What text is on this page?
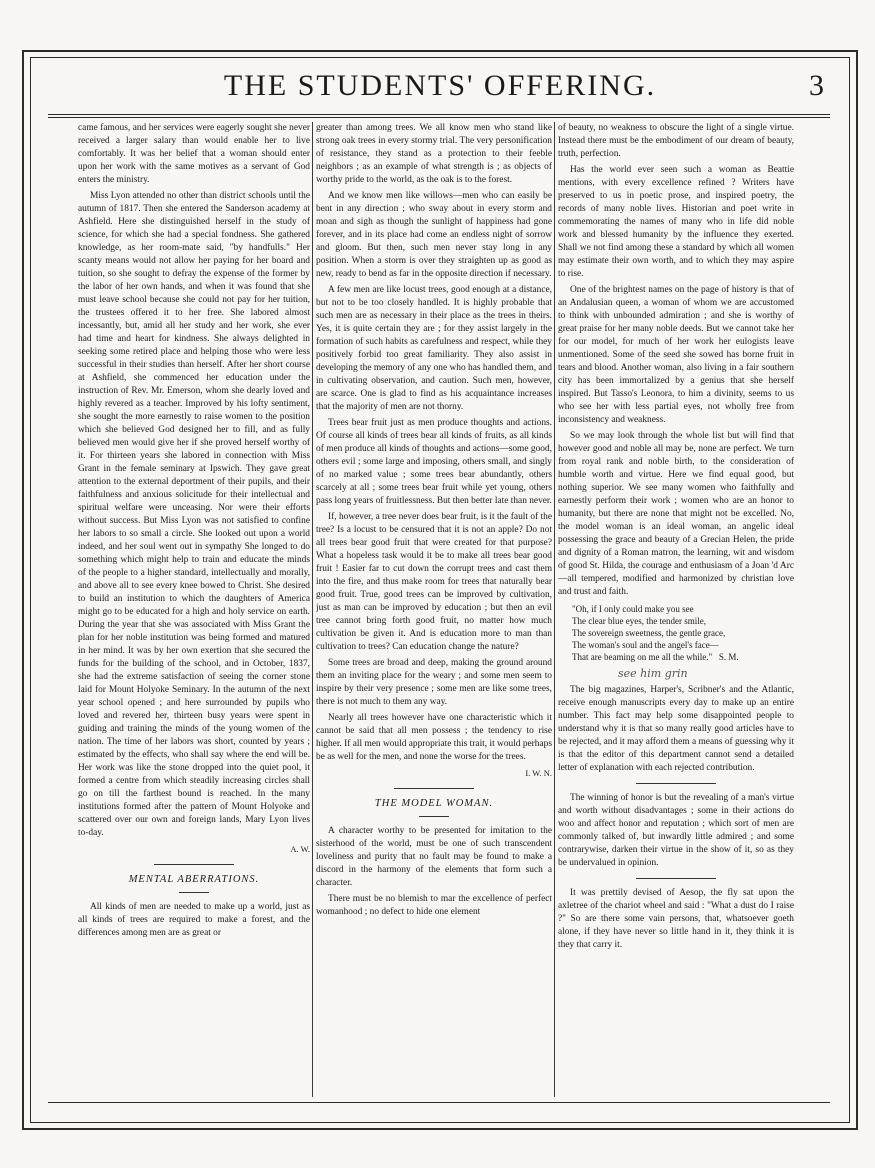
THE STUDENTS' OFFERING.	3

came famous, and her services were eagerly sought she never received a larger salary than would enable her to live comfortably. It was her belief that a woman should enter upon her work with the same motives as a servant of God enters the ministry.

Miss Lyon attended no other than district schools until the autumn of 1817. Then she entered the Sanderson academy at Ashfield. Here she distinguished herself in the study of science, for which she had a special fondness. She gathered knowledge, as her room-mate said, "by handfulls." Her scanty means would not allow her paying for her board and tuition, so she sought to defray the expense of the former by the labor of her own hands, and when it was found that she must leave school because she could not pay for her tuition, the trustees offered it to her free. She labored almost incessantly, but, amid all her study and her work, she ever had time and heart for kindness. She always delighted in seeking some retired place and helping those who were less successful in their studies than herself. After her short course at Ashfield, she commenced her education under the instruction of Rev. Mr. Emerson, whom she dearly loved and highly revered as a teacher. Improved by his lofty sentiment, she sought the more earnestly to raise women to the position which she believed God designed her to fill, and as fully believed men would give her if she proved herself worthy of it. For thirteen years she labored in connection with Miss Grant in the female seminary at Ipswich. They gave great attention to the external deportment of their pupils, and their faithfulness and anxious solicitude for their intellectual and spiritual welfare were unceasing. Nor were their efforts without success. But Miss Lyon was not satisfied to confine her labors to so small a circle. She looked out upon a world indeed, and her soul went out in sympathy She longed to do something which might help to train and educate the minds of the people to a higher standard, intellectually and morally, and above all to see every knee bowed to Christ. She desired to build an institution to which the daughters of America might go to be educated for a high and holy service on earth. During the year that she was associated with Miss Grant the plan for her noble institution was being formed and matured in her mind. It was by her own exertion that she secured the funds for the building of the school, and in October, 1837, she had the extreme satisfaction of seeing the corner stone laid for Mount Holyoke Seminary. In the autumn of the next year school opened ; and here surrounded by pupils who loved and revered her, thirteen busy years were spent in guiding and training the minds of the young women of the nation. The time of her labors was short, counted by years ; estimated by the effects, who shall say where the end will be. Her work was like the stone dropped into the quiet pool, it formed a centre from which steadily increasing circles shall go on till the farthest bound is reached. In the many institutions formed after the pattern of Mount Holyoke and scattered over our own and foreign lands, Mary Lyon lives to-day.

A. W.
MENTAL ABERRATIONS.

All kinds of men are needed to make up a world, just as all kinds of trees are required to make a forest, and the differences among men are as great or

greater than among trees. We all know men who stand like strong oak trees in every stormy trial. The very personification of resistance, they stand as a protection to their feeble neighbors ; as an example of what strength is ; as objects of worthy pride to the world, as the oak is to the forest.

And we know men like willows—men who can easily be bent in any direction ; who sway about in every storm and moan and sigh as though the sunlight of happiness had gone forever, and in its place had come an endless night of sorrow and gloom. But then, such men never stay long in any position. When a storm is over they straighten up as good as new, ready to bend as far in the opposite direction if necessary.

A few men are like locust trees, good enough at a distance, but not to be too closely handled. It is highly probable that such men are as necessary in their place as the trees in theirs. Yes, it is quite certain they are ; for they assist largely in the formation of such habits as carefulness and respect, while they positively forbid too great familiarity. They also assist in developing the memory of any one who has handled them, and in cultivating observation, and caution. Such men, however, are scarce. One is glad to find as his acquaintance increases that the majority of men are not thorny.

Trees bear fruit just as men produce thoughts and actions. Of course all kinds of trees bear all kinds of fruits, as all kinds of men produce all kinds of thoughts and actions—some good, others evil ; some large and imposing, others small, and singly of no marked value ; some trees bear abundantly, others scarcely at all ; some trees bear fruit while yet young, others pass long years of fruitlessness. But then better late than never.

If, however, a tree never does bear fruit, is it the fault of the tree? Is a locust to be censured that it is not an apple? Do not all trees bear good fruit that were created for that purpose? What a hopeless task would it be to make all trees bear good fruit ! Easier far to cut down the corrupt trees and cast them into the fire, and thus make room for trees that naturally bear good fruit. True, good trees can be improved by cultivation, just as man can be improved by education ; but then an evil tree cannot bring forth good fruit, no matter how much cultivation be given it. And is education more to man than cultivation to trees? Can education change the nature?

Some trees are broad and deep, making the ground around them an inviting place for the weary ; and some men seem to inspire by their very presence ; some men are like some trees, there is not much to them any way.

Nearly all trees however have one characteristic which it cannot be said that all men possess ; the tendency to rise higher. If all men would appropriate this trait, it would perhaps be as well for the men, and none the worse for the trees.

I. W. N.
THE MODEL WOMAN.

A character worthy to be presented for imitation to the sisterhood of the world, must be one of such transcendent loveliness and purity that no fault may be found to make a discord in the harmony of the elements that form such a character.

There must be no blemish to mar the excellence of perfect womanhood ; no defect to hide one element

of beauty, no weakness to obscure the light of a single virtue. Instead there must be the embodiment of our dream of beauty, truth, perfection.

Has the world ever seen such a woman as Beattie mentions, with every excellence refined ? Writers have preserved to us in poetic prose, and inspired poetry, the records of many noble lives. Historian and poet write in commemorating the names of many who in life did noble work and blessed humanity by the influence they exerted. Shall we not find among these a standard by which all women may estimate their own worth, and to which they may aspire to rise.

One of the brightest names on the page of history is that of an Andalusian queen, a woman of whom we are accustomed to think with unbounded admiration ; and she is worthy of great praise for her many noble deeds. But we cannot take her for our model, for much of her work her eulogists leave unmentioned. Some of the seed she sowed has borne fruit in tears and blood. Another woman, also living in a fair southern city has been immortalized by a genius that she herself inspired. But Tasso's Leonora, to him a divinity, seems to us who see her with less partial eyes, not wholly free from inconsistency and weakness.

So we may look through the whole list but will find that however good and noble all may be, none are perfect. We turn from royal rank and noble birth, to the consideration of humble worth and virtue. Here we find equal good, but nothing superior. We see many women who faithfully and earnestly perform their work ; women who are an honor to humanity, but there are none that might not be excelled. No, the model woman is an ideal woman, an angelic ideal possessing the grace and beauty of a Grecian Helen, the pride and dignity of a Roman matron, the learning, wit and wisdom of good St. Hilda, the courage and enthusiasm of a Joan 'd Arc—all tempered, modified and harmonized by christian love and trust and faith.

"Oh, if I only could make you see
The clear blue eyes, the tender smile,
The sovereign sweetness, the gentle grace,
The woman's soul and the angel's face—
That are beaming on me all the while." S. M.
see him grin

The big magazines, Harper's, Scribner's and the Atlantic, receive enough manuscripts every day to make up an entire number. This fact may help some disappointed people to understand why it is that so many really good articles have to be rejected, and it may afford them a means of guessing why it is that the editor of this department cannot send a detailed letter of explanation with each rejected contribution.

The winning of honor is but the revealing of a man's virtue and worth without disadvantages ; some in their actions do woo and affect honor and reputation ; which sort of men are commonly talked of, but inwardly little admired ; and some contrarywise, darken their virtue in the show of it, so as they be undervalued in opinion.

It was prettily devised of Aesop, the fly sat upon the axletree of the chariot wheel and said : "What a dust do I raise ?" So are there some vain persons, that, whatsoever goeth alone, if they have never so little hand in it, they think it is they that carry it.
